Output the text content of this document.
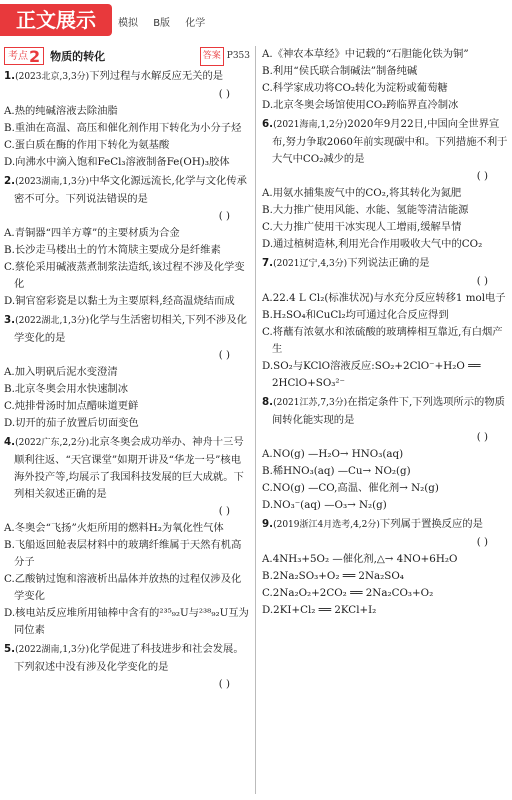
正文展示	模拟 B版 化学
考点 2 物质的转化	答案 P353
1.(2023北京,3,3分)下列过程与水解反应无关的是
( )
A.热的纯碱溶液去除油脂
B.重油在高温、高压和催化剂作用下转化为小分子烃
C.蛋白质在酶的作用下转化为氨基酸
D.向沸水中滴入饱和FeCl₃溶液制备Fe(OH)₃胶体
2.(2023湖南,1,3分)中华文化源远流长,化学与文化传承密不可分。下列说法错误的是
( )
A.青铜器“四羊方尊”的主要材质为合金
B.长沙走马楼出土的竹木简牍主要成分是纤维素
C.蔡伦采用碱液蒸煮制浆法造纸,该过程不涉及化学变化
D.铜官窑彩瓷是以黏土为主要原料,经高温烧结而成
3.(2022湖北,1,3分)化学与生活密切相关,下列不涉及化学变化的是
( )
A.加入明矾后泥水变澄清
B.北京冬奥会用水快速制冰
C.炖排骨汤时加点醋味道更鲜
D.切开的茄子放置后切面变色
4.(2022广东,2,2分)北京冬奥会成功举办、神舟十三号顺利往返、“天宫课堂”如期开讲及“华龙一号”核电海外投产等,均展示了我国科技发展的巨大成就。下列相关叙述正确的是
( )
A.冬奥会“飞扬”火炬所用的燃料H₂为氧化性气体
B.飞船返回舱表层材料中的玻璃纤维属于天然有机高分子
C.乙酸钠过饱和溶液析出晶体并放热的过程仅涉及化学变化
D.核电站反应堆所用铀棒中含有的²³⁵₉₂U与²³⁸₉₂U互为同位素
5.(2022湖南,1,3分)化学促进了科技进步和社会发展。下列叙述中没有涉及化学变化的是
( )
A.《神农本草经》中记载的“石胆能化铁为铜”
B.利用“侯氏联合制碱法”制备纯碱
C.科学家成功将CO₂转化为淀粉或葡萄糖
D.北京冬奥会场馆使用CO₂跨临界直冷制冰
6.(2021海南,1,2分)2020年9月22日,中国向全世界宣布,努力争取2060年前实现碳中和。下列措施不利于大气中CO₂减少的是
( )
A.用氨水捕集废气中的CO₂,将其转化为氮肥
B.大力推广使用风能、水能、氢能等清洁能源
C.大力推广使用干冰实现人工增雨,缓解旱情
D.通过植树造林,利用光合作用吸收大气中的CO₂
7.(2021辽宁,4,3分)下列说法正确的是
( )
A.22.4 L Cl₂(标准状况)与水充分反应转移1 mol电子
B.H₂SO₄和CuCl₂均可通过化合反应得到
C.将蘸有浓氨水和浓硫酸的玻璃棒相互靠近,有白烟产生
D.SO₂与KClO溶液反应:SO₂+2ClO⁻+H₂O ══ 2HClO+SO₃²⁻
8.(2021江苏,7,3分)在指定条件下,下列选项所示的物质间转化能实现的是
( )
A.NO(g) —H₂O→ HNO₃(aq)
B.稀HNO₃(aq) —Cu→ NO₂(g)
C.NO(g) —CO,高温、催化剂→ N₂(g)
D.NO₃⁻(aq) —O₃→ N₂(g)
9.(2019浙江4月选考,4,2分)下列属于置换反应的是
( )
A.4NH₃+5O₂ —催化剂,△→ 4NO+6H₂O
B.2Na₂SO₃+O₂ ══ 2Na₂SO₄
C.2Na₂O₂+2CO₂ ══ 2Na₂CO₃+O₂
D.2KI+Cl₂ ══ 2KCl+I₂
